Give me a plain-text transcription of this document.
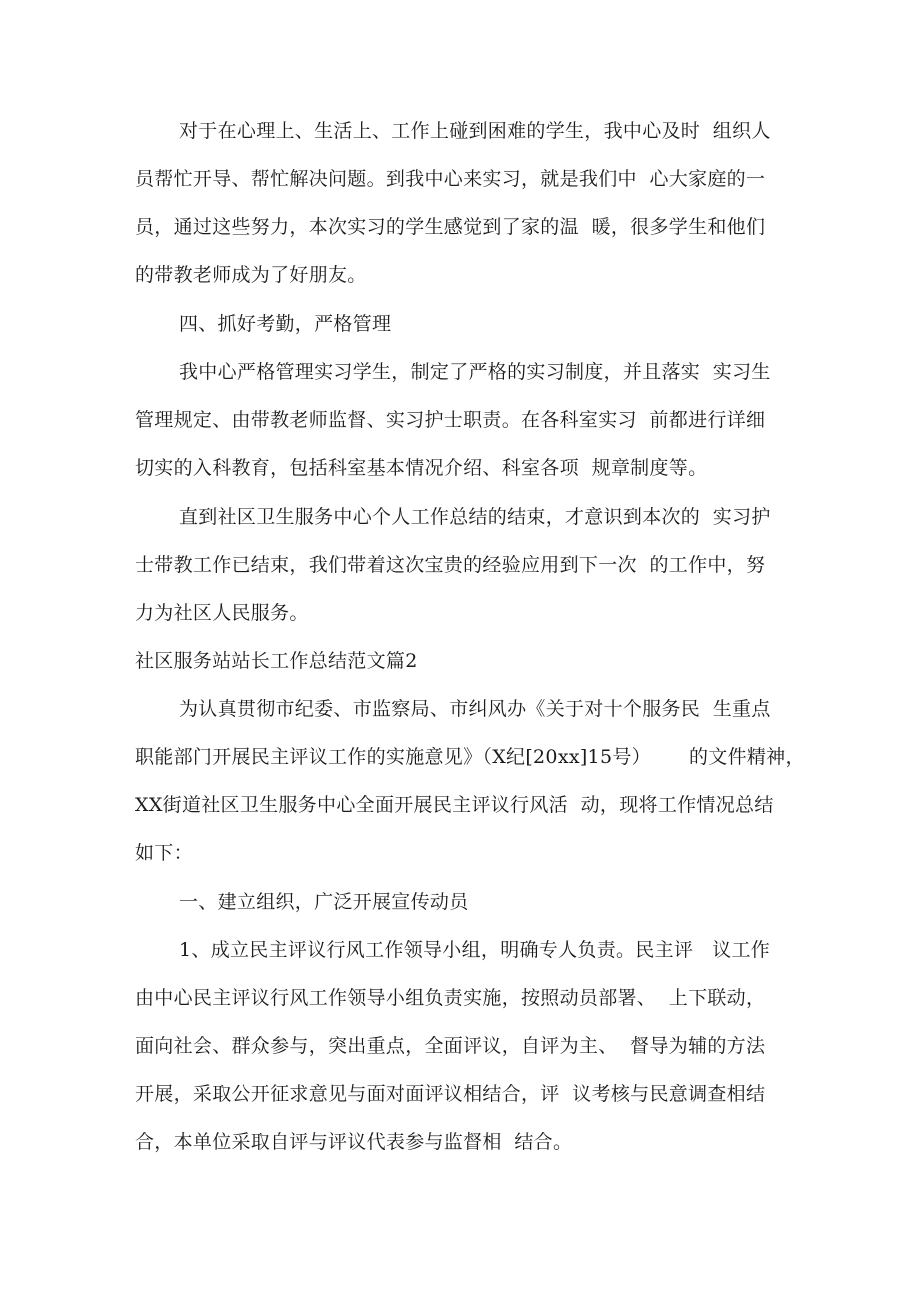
对于在心理上、生活上、工作上碰到困难的学生，我中心及时  组织人
员帮忙开导、帮忙解决问题。到我中心来实习，就是我们中  心大家庭的一
员，通过这些努力，本次实习的学生感觉到了家的温  暖，很多学生和他们
的带教老师成为了好朋友。
四、抓好考勤，严格管理
我中心严格管理实习学生，制定了严格的实习制度，并且落实  实习生
管理规定、由带教老师监督、实习护士职责。在各科室实习  前都进行详细
切实的入科教育，包括科室基本情况介绍、科室各项  规章制度等。
直到社区卫生服务中心个人工作总结的结束，才意识到本次的  实习护
士带教工作已结束，我们带着这次宝贵的经验应用到下一次  的工作中，努
力为社区人民服务。
社区服务站站长工作总结范文篇2
为认真贯彻市纪委、市监察局、市纠风办《关于对十个服务民  生重点
职能部门开展民主评议工作的实施意见》（X纪[20xx]15号）      的文件精神，
XX街道社区卫生服务中心全面开展民主评议行风活  动，现将工作情况总结
如下：
一、建立组织，广泛开展宣传动员
1、成立民主评议行风工作领导小组，明确专人负责。民主评   议工作
由中心民主评议行风工作领导小组负责实施，按照动员部署、  上下联动，
面向社会、群众参与，突出重点，全面评议，自评为主、  督导为辅的方法
开展，采取公开征求意见与面对面评议相结合，评  议考核与民意调查相结
合，本单位采取自评与评议代表参与监督相  结合。
